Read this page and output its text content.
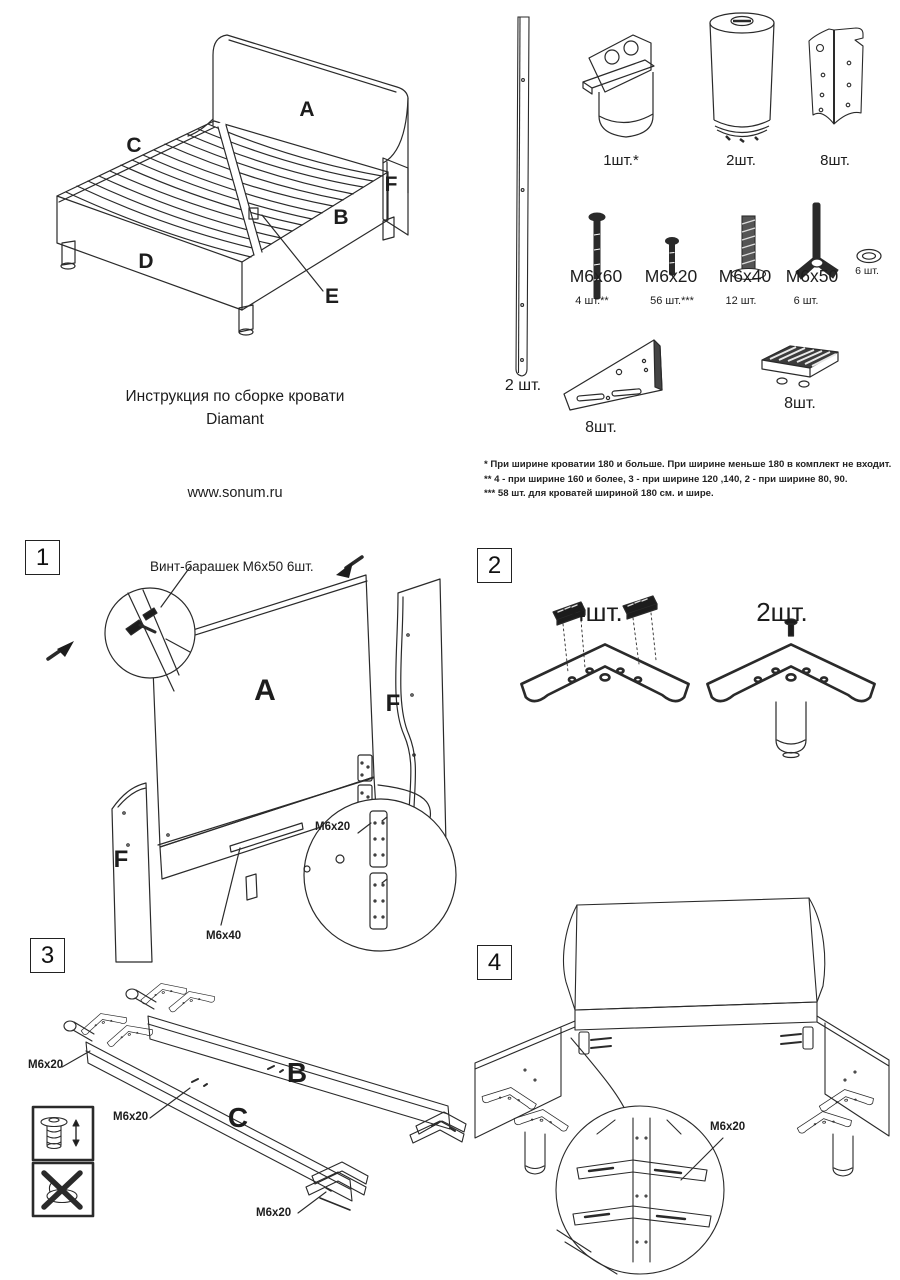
C
A
F
B
D
E
Инструкция по сборке кровати
Diamant
www.sonum.ru
2 шт.
1шт.*	2шт.	8шт.
М6x60	М6x20	М6x40 М6x50
4 шт.**	56 шт.***	12 шт.	6 шт.
6 шт.
8шт.
8шт.
* При ширине кроватии 180 и больше. При ширине меньше 180 в комплект не входит.
** 4 - при ширине 160 и более, 3 - при ширине 120 ,140, 2 - при ширине 80, 90.
*** 58 шт. для кроватей шириной 180 см. и шире.
1	Винт-барашек М6x50 6шт.
A	F
F
M6x20
M6x40
2
4шт.	2шт.
3
B
C
M6x20
M6x20
M6x20
4
M6x20
